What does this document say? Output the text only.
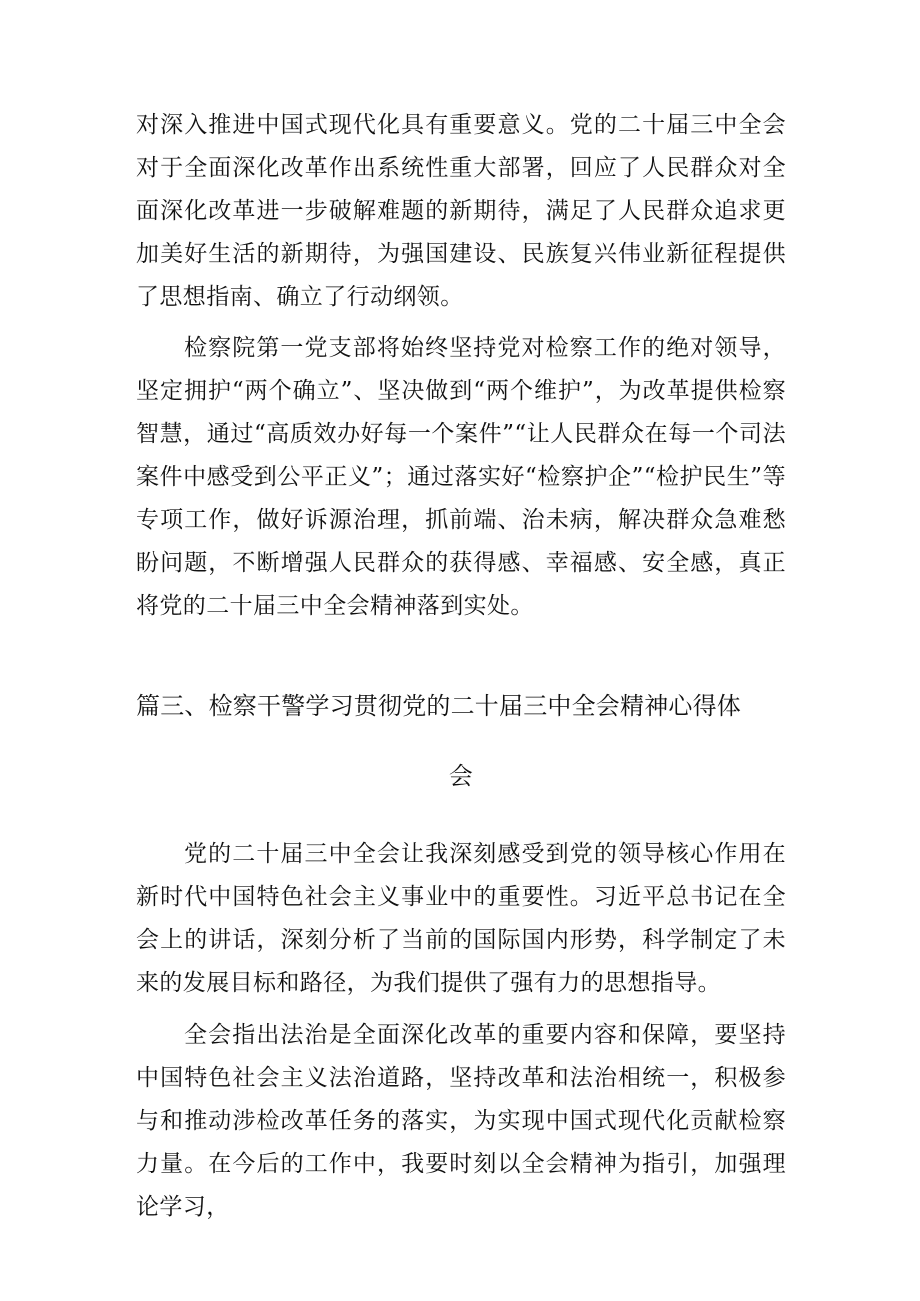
对深入推进中国式现代化具有重要意义。党的二十届三中全会对于全面深化改革作出系统性重大部署，回应了人民群众对全面深化改革进一步破解难题的新期待，满足了人民群众追求更加美好生活的新期待，为强国建设、民族复兴伟业新征程提供了思想指南、确立了行动纲领。

检察院第一党支部将始终坚持党对检察工作的绝对领导，坚定拥护“两个确立”、坚决做到“两个维护”，为改革提供检察智慧，通过“高质效办好每一个案件”“让人民群众在每一个司法案件中感受到公平正义”；通过落实好“检察护企”“检护民生”等专项工作，做好诉源治理，抓前端、治未病，解决群众急难愁盼问题，不断增强人民群众的获得感、幸福感、安全感，真正将党的二十届三中全会精神落到实处。

篇三、检察干警学习贯彻党的二十届三中全会精神心得体
会

党的二十届三中全会让我深刻感受到党的领导核心作用在新时代中国特色社会主义事业中的重要性。习近平总书记在全会上的讲话，深刻分析了当前的国际国内形势，科学制定了未来的发展目标和路径，为我们提供了强有力的思想指导。

全会指出法治是全面深化改革的重要内容和保障，要坚持中国特色社会主义法治道路，坚持改革和法治相统一，积极参与和推动涉检改革任务的落实，为实现中国式现代化贡献检察力量。在今后的工作中，我要时刻以全会精神为指引，加强理论学习，
